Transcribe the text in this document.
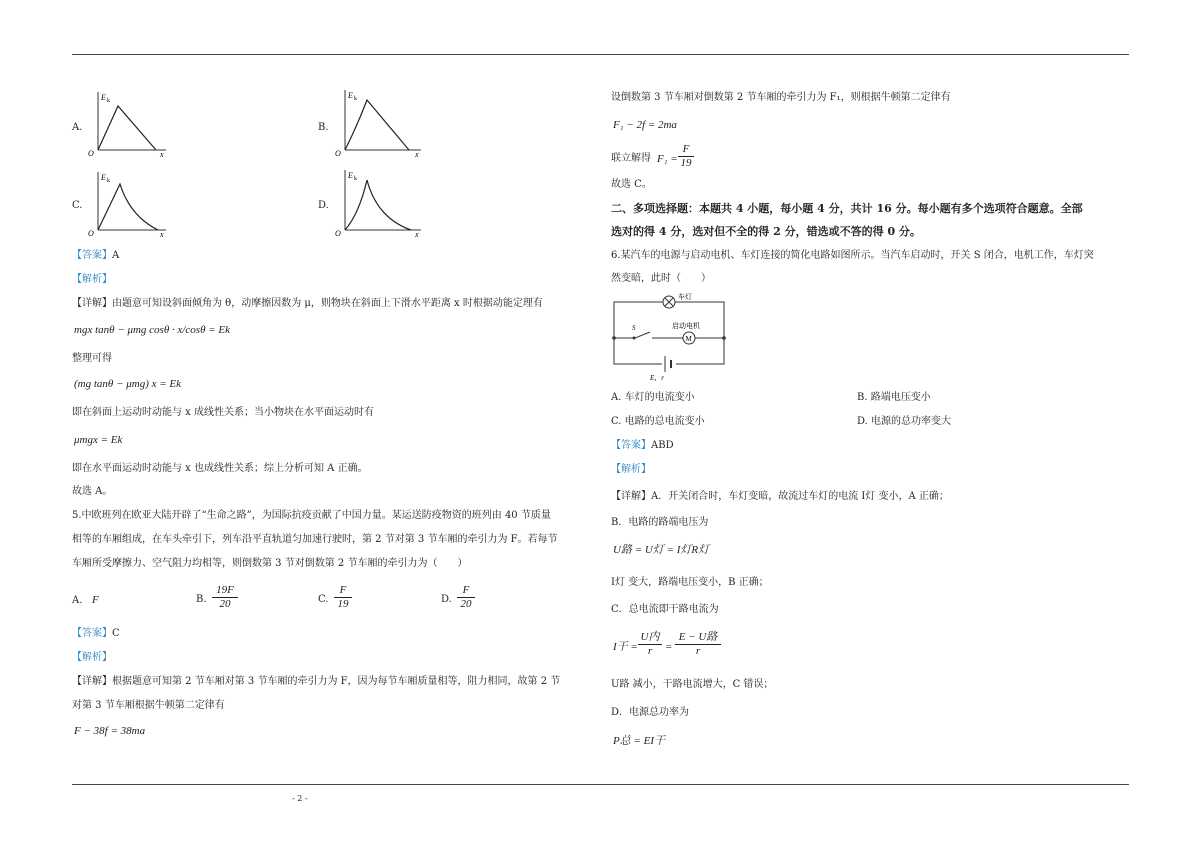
- 2 -
A.
E k
x
O
B.
E k
x
O
C.
E k
x
O
D.
E k
x
O
【答案】A
【解析】
【详解】由题意可知设斜面倾角为 θ，动摩擦因数为 μ，则物块在斜面上下滑水平距离 x 时根据动能定理有
mgx tanθ − μmg cosθ · x/cosθ = Ek
整理可得
(mg tanθ − μmg) x = Ek
即在斜面上运动时动能与 x 成线性关系；当小物块在水平面运动时有
μmgx = Ek
即在水平面运动时动能与 x 也成线性关系；综上分析可知 A 正确。
故选 A。
5.中欧班列在欧亚大陆开辟了“生命之路”，为国际抗疫贡献了中国力量。某运送防疫物资的班列由 40 节质量
相等的车厢组成，在车头牵引下，列车沿平直轨道匀加速行驶时，第 2 节对第 3 节车厢的牵引力为 F。若每节
车厢所受摩擦力、空气阻力均相等，则倒数第 3 节对倒数第 2 节车厢的牵引力为（　　）
A. F	B. $\frac{19F}{20}$	C. $\frac{F}{19}$	D. $\frac{F}{20}$
【答案】C
【解析】
【详解】根据题意可知第 2 节车厢对第 3 节车厢的牵引力为 F，因为每节车厢质量相等，阻力相同，故第 2 节
对第 3 节车厢根据牛顿第二定律有
F − 38f = 38ma
设倒数第 3 节车厢对倒数第 2 节车厢的牵引力为 F₁，则根据牛顿第二定律有
F₁ − 2f = 2ma
联立解得 $F_1 = \frac{F}{19}$
故选 C。
二、多项选择题：本题共 4 小题，每小题 4 分，共计 16 分。每小题有多个选项符合题意。全部
选对的得 4 分，选对但不全的得 2 分，错选或不答的得 0 分。
6.某汽车的电源与启动电机、车灯连接的简化电路如图所示。当汽车启动时，开关 S 闭合，电机工作，车灯突
然变暗，此时（　　）
车灯
S
M
启动电机
E，r
A. 车灯的电流变小	B. 路端电压变小
C. 电路的总电流变小	D. 电源的总功率变大
【答案】ABD
【解析】
【详解】A．开关闭合时，车灯变暗，故流过车灯的电流 I灯 变小，A 正确；
B．电路的路端电压为
U路 = U灯 = I灯R灯
I灯 变大，路端电压变小，B 正确；
C．总电流即干路电流为
I干 =
U内
r	=
E − U路
r
U路 减小，干路电流增大，C 错误；
D．电源总功率为
P总 = EI干
